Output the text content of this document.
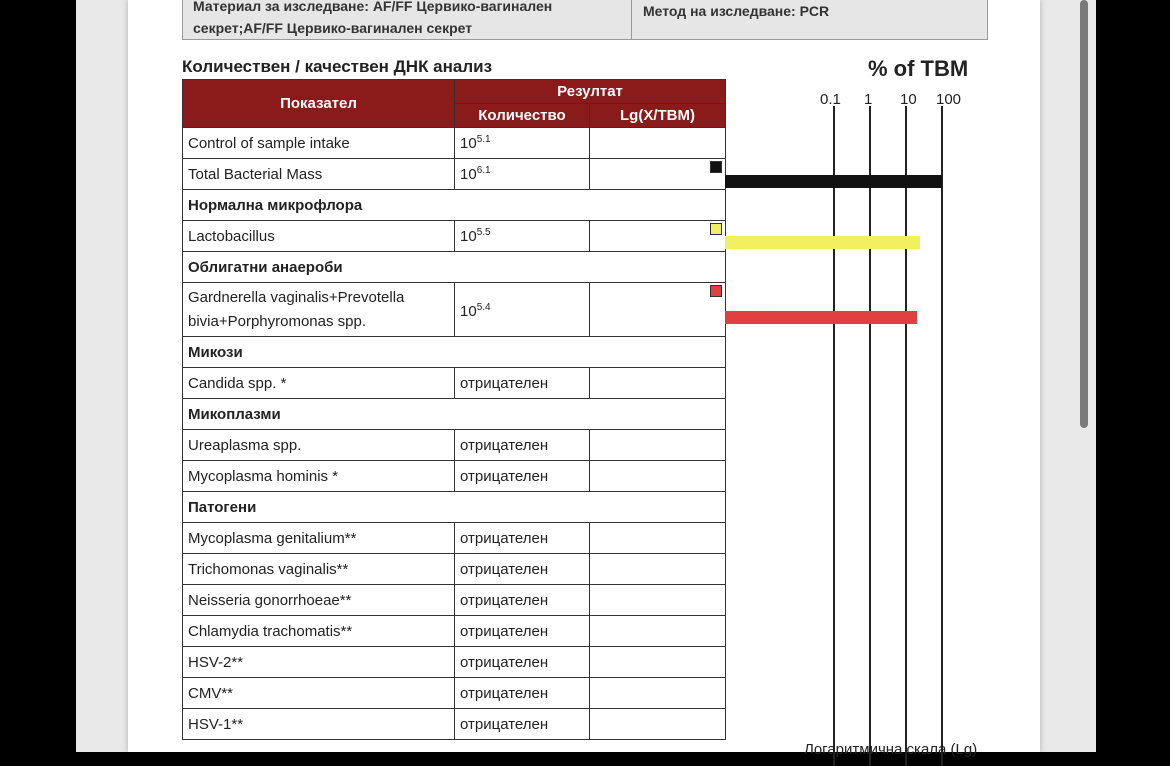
Материал за изследване: AF/FF Цервико-вагинален
секрет;AF/FF Цервико-вагинален секрет
Метод на изследване: PCR
Количествен / качествен ДНК анализ
Показател	Резултат	
	Количество	Lg(X/TBM)
Control of sample intake	$10^{5.1}$	
Total Bacterial Mass	$10^{6.1}$	

Нормална микрофлора		
Lactobacillus	$10^{5.5}$	

Облигатни анаероби		

Gardnerella vaginalis+Prevotella
bivia+Porphyromonas spp.	$10^{5.4}$	

Микози		
Candida spp. *	отрицателен	
Микоплазми		
Ureaplasma spp.	отрицателен	
Mycoplasma hominis *	отрицателен	
Патогени		
Mycoplasma genitalium**	отрицателен	
Trichomonas vaginalis**	отрицателен	
Neisseria gonorrhoeae**	отрицателен	
Chlamydia trachomatis**	отрицателен	
HSV-2**	отрицателен	
CMV**	отрицателен	
HSV-1**	отрицателен	
% of TBM
0.1 1 10 100
Логаритмична скала (Lg)
